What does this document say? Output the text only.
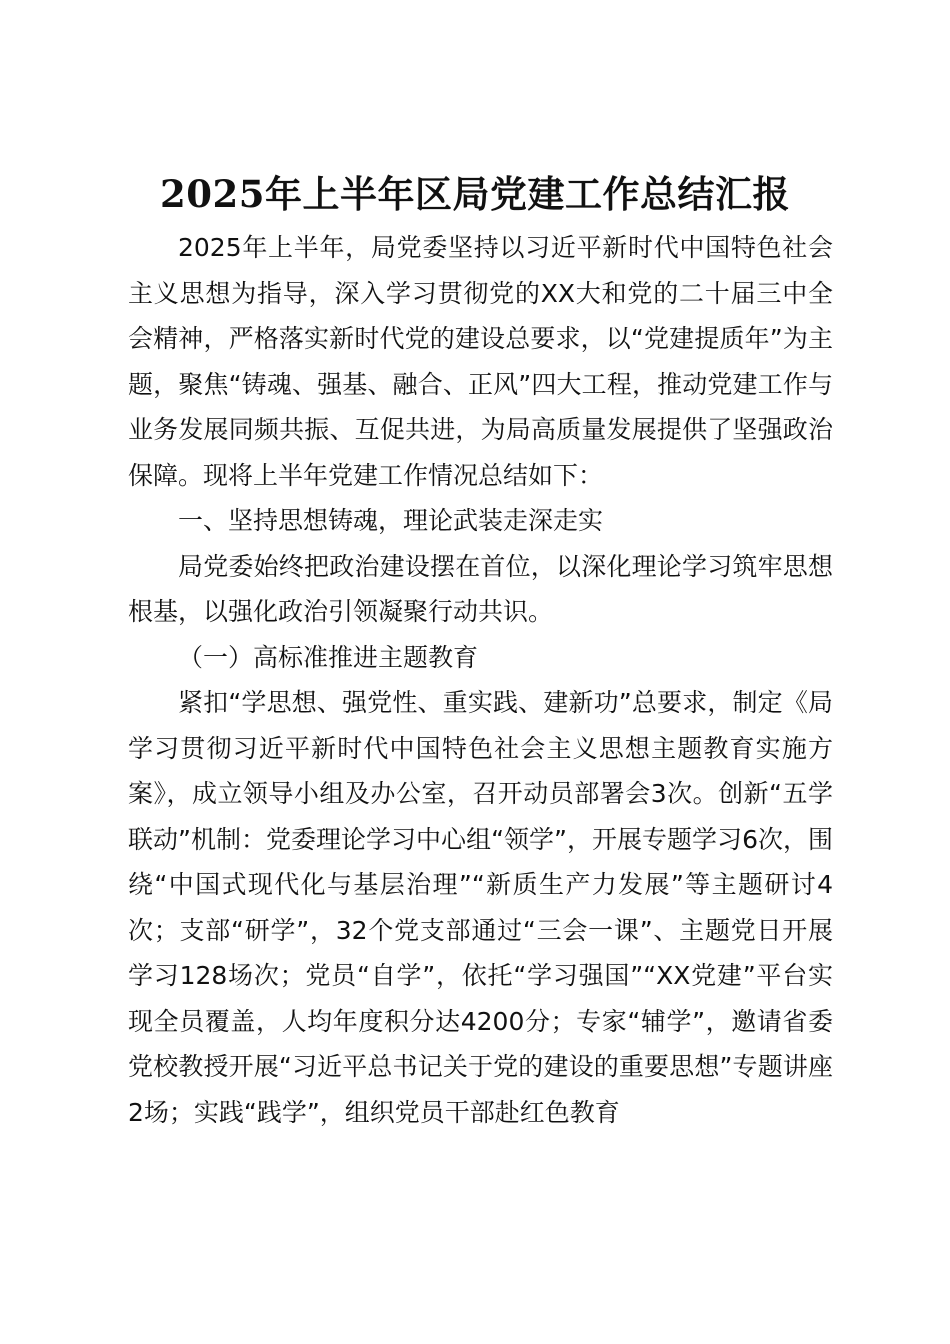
2025年上半年区局党建工作总结汇报

2025年上半年，局党委坚持以习近平新时代中国特色社会主义思想为指导，深入学习贯彻党的XX大和党的二十届三中全会精神，严格落实新时代党的建设总要求，以“党建提质年”为主题，聚焦“铸魂、强基、融合、正风”四大工程，推动党建工作与业务发展同频共振、互促共进，为局高质量发展提供了坚强政治保障。现将上半年党建工作情况总结如下：

一、坚持思想铸魂，理论武装走深走实

局党委始终把政治建设摆在首位，以深化理论学习筑牢思想根基，以强化政治引领凝聚行动共识。

（一）高标准推进主题教育

紧扣“学思想、强党性、重实践、建新功”总要求，制定《局学习贯彻习近平新时代中国特色社会主义思想主题教育实施方案》，成立领导小组及办公室，召开动员部署会3次。创新“五学联动”机制：党委理论学习中心组“领学”，开展专题学习6次，围绕“中国式现代化与基层治理”“新质生产力发展”等主题研讨4次；支部“研学”，32个党支部通过“三会一课”、主题党日开展学习128场次；党员“自学”，依托“学习强国”“XX党建”平台实现全员覆盖，人均年度积分达4200分；专家“辅学”，邀请省委党校教授开展“习近平总书记关于党的建设的重要思想”专题讲座2场；实践“践学”，组织党员干部赴红色教育
